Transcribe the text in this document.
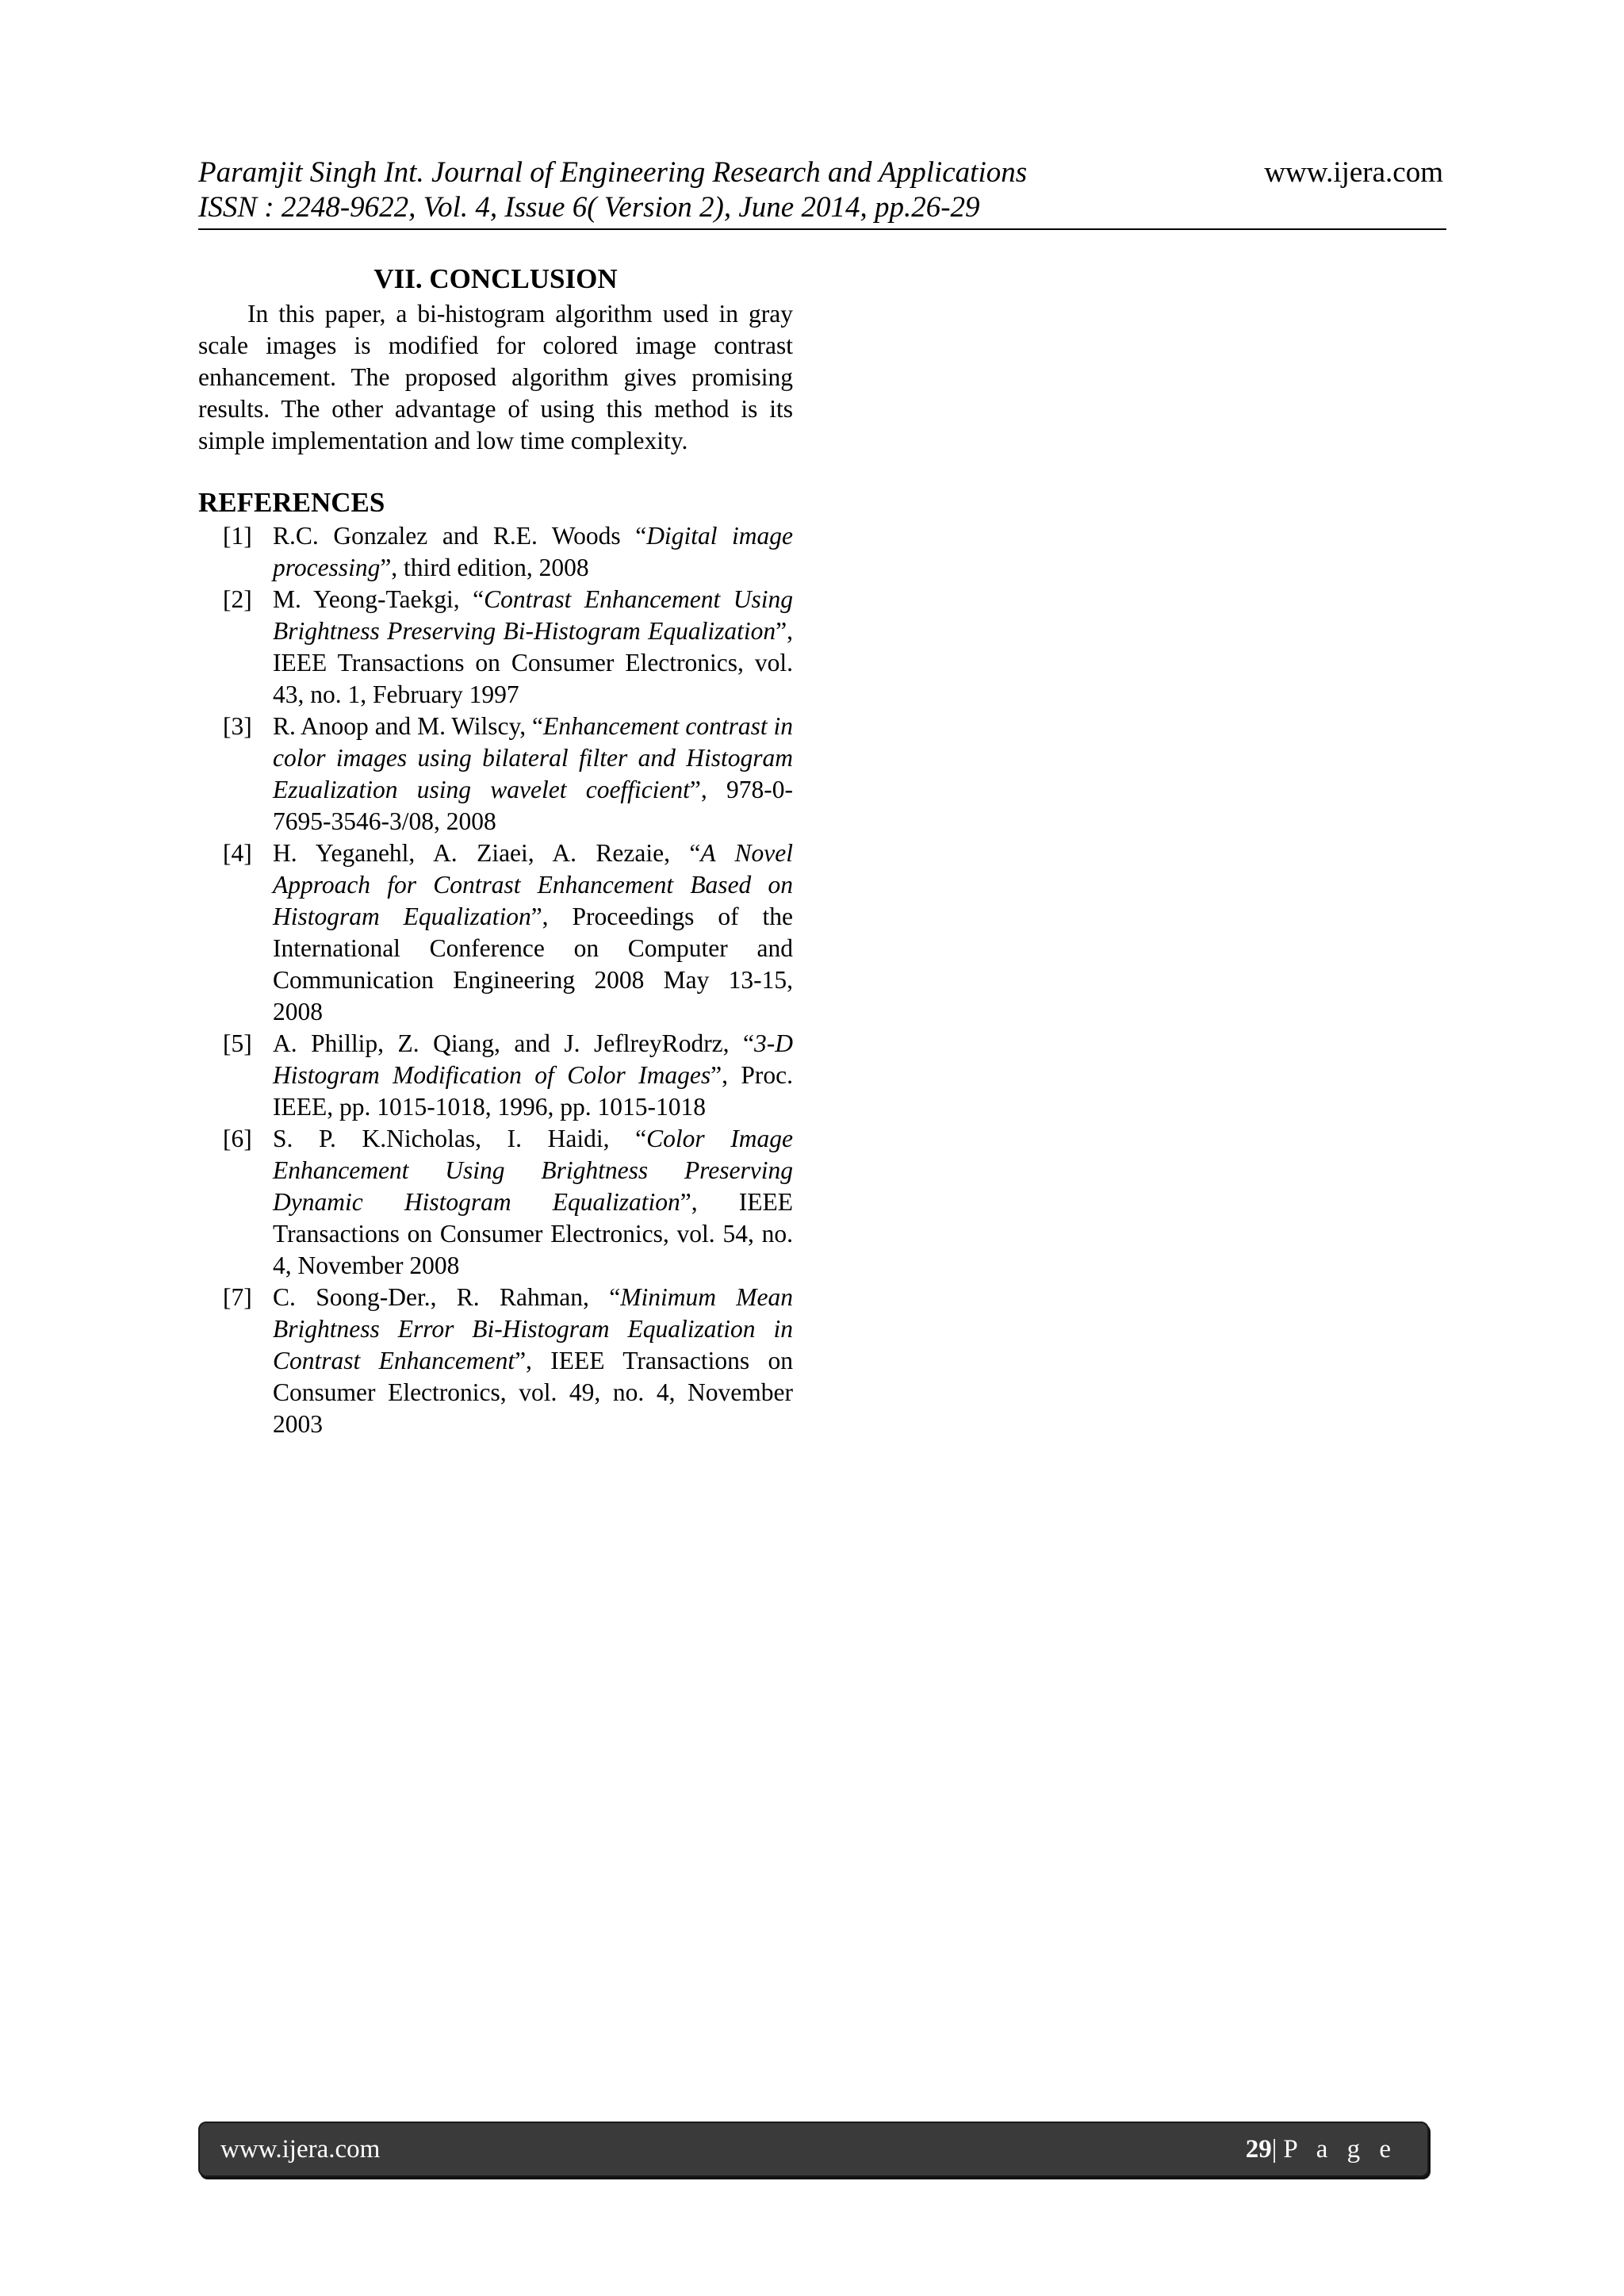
Paramjit Singh Int. Journal of Engineering Research and Applications	www.ijera.com
ISSN : 2248-9622, Vol. 4, Issue 6( Version 2), June 2014, pp.26-29
VII. CONCLUSION

In this paper, a bi-histogram algorithm used in gray scale images is modified for colored image contrast enhancement. The proposed algorithm gives promising results. The other advantage of using this method is its simple implementation and low time complexity.

REFERENCES
[1] R.C. Gonzalez and R.E. Woods “Digital image processing”, third edition, 2008
[2] M. Yeong-Taekgi, “Contrast Enhancement Using Brightness Preserving Bi-Histogram Equalization”, IEEE Transactions on Consumer Electronics, vol. 43, no. 1, February 1997
[3] R. Anoop and M. Wilscy, “Enhancement contrast in color images using bilateral filter and Histogram Ezualization using wavelet coefficient”, 978-0-7695-3546-3/08, 2008
[4] H. Yeganehl, A. Ziaei, A. Rezaie, “A Novel Approach for Contrast Enhancement Based on Histogram Equalization”, Proceedings of the International Conference on Computer and Communication Engineering 2008 May 13-15, 2008
[5] A. Phillip, Z. Qiang, and J. JeflreyRodrz, “3-D Histogram Modification of Color Images”, Proc. IEEE, pp. 1015-1018, 1996, pp. 1015-1018
[6] S. P. K.Nicholas, I. Haidi, “Color Image Enhancement Using Brightness Preserving Dynamic Histogram Equalization”, IEEE Transactions on Consumer Electronics, vol. 54, no. 4, November 2008
[7] C. Soong-Der., R. Rahman, “Minimum Mean Brightness Error Bi-Histogram Equalization in Contrast Enhancement”, IEEE Transactions on Consumer Electronics, vol. 49, no. 4, November 2003
www.ijera.com	29|P a g e
